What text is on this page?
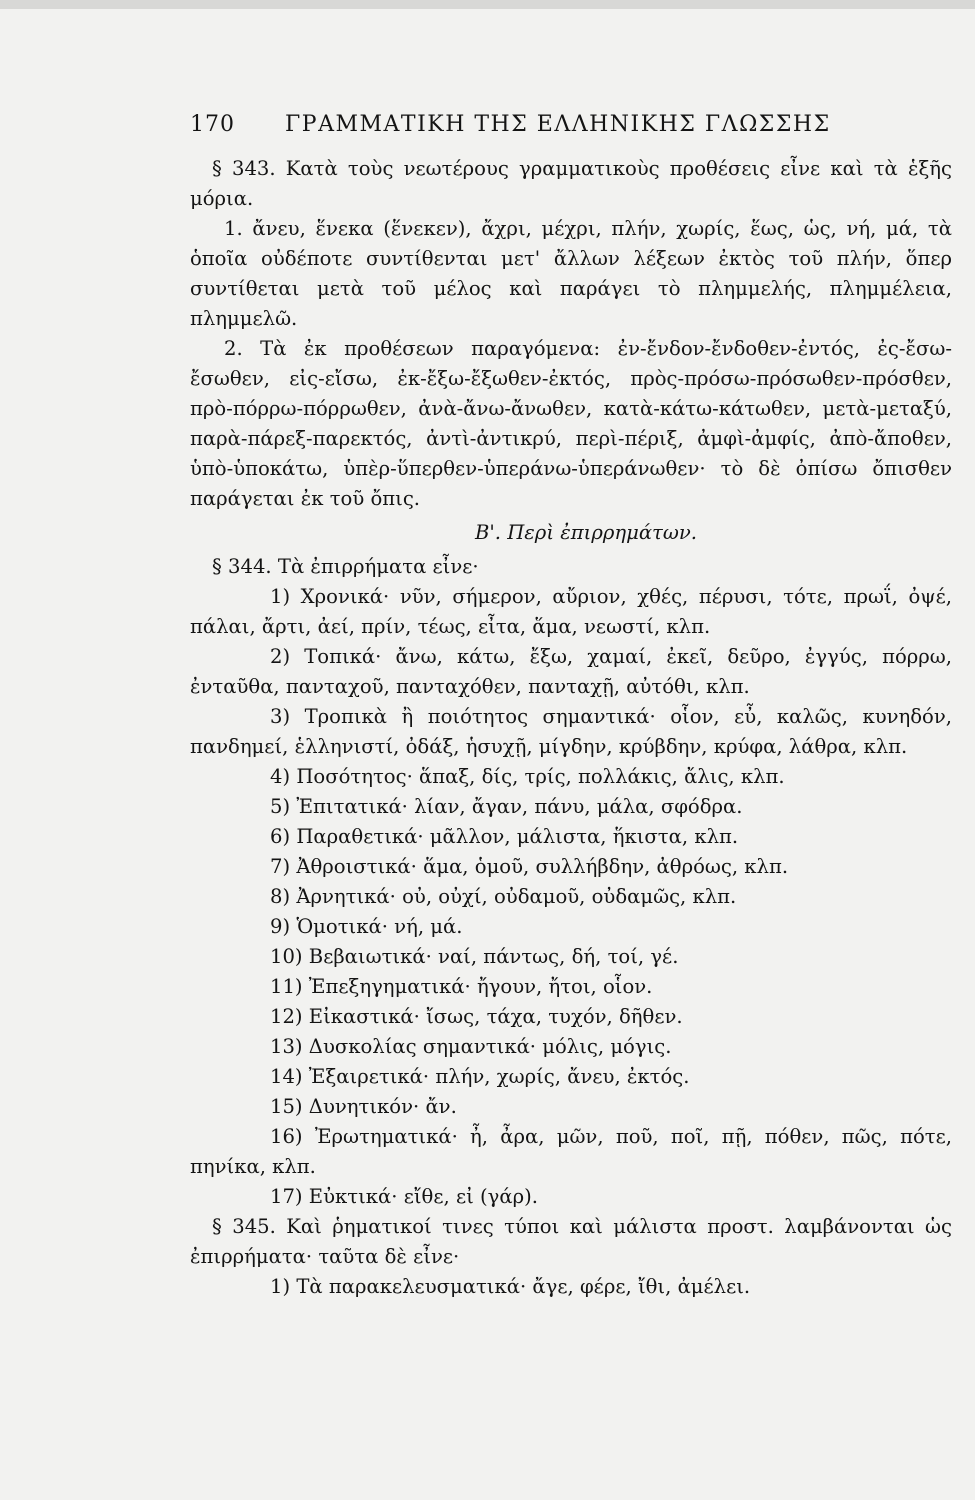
170	ΓΡΑΜΜΑΤΙΚΗ ΤΗΣ ΕΛΛΗΝΙΚΗΣ ΓΛΩΣΣΗΣ

§ 343. Κατὰ τοὺς νεωτέρους γραμματικοὺς προθέσεις εἶνε καὶ τὰ ἑξῆς μόρια.

1. ἄνευ, ἕνεκα (ἕνεκεν), ἄχρι, μέχρι, πλήν, χωρίς, ἕως, ὡς, νή, μά, τὰ ὁποῖα οὐδέποτε συντίθενται μετ' ἄλλων λέξεων ἐκτὸς τοῦ πλήν, ὅπερ συντίθεται μετὰ τοῦ μέλος καὶ παράγει τὸ πλημμελής, πλημμέλεια, πλημμελῶ.

2. Τὰ ἐκ προθέσεων παραγόμενα: ἐν-ἔνδον-ἔνδοθεν-ἐντός, ἐς-ἔσω-ἔσωθεν, εἰς-εἴσω, ἐκ-ἔξω-ἔξωθεν-ἐκτός, πρὸς-πρόσω-πρόσωθεν-πρόσθεν, πρὸ-πόρρω-πόρρωθεν, ἀνὰ-ἄνω-ἄνωθεν, κατὰ-κάτω-κάτωθεν, μετὰ-μεταξύ, παρὰ-πάρεξ-παρεκτός, ἀντὶ-ἀντικρύ, περὶ-πέριξ, ἀμφὶ-ἀμφίς, ἀπὸ-ἄποθεν, ὑπὸ-ὑποκάτω, ὑπὲρ-ὕπερθεν-ὑπεράνω-ὑπεράνωθεν· τὸ δὲ ὀπίσω ὄπισθεν παράγεται ἐκ τοῦ ὄπις.

Β'. Περὶ ἐπιρρημάτων.

§ 344. Τὰ ἐπιρρήματα εἶνε·

1) Χρονικά· νῦν, σήμερον, αὔριον, χθές, πέρυσι, τότε, πρωΐ, ὀψέ, πάλαι, ἄρτι, ἀεί, πρίν, τέως, εἶτα, ἅμα, νεωστί, κλπ.

2) Τοπικά· ἄνω, κάτω, ἔξω, χαμαί, ἐκεῖ, δεῦρο, ἐγγύς, πόρρω, ἐνταῦθα, πανταχοῦ, πανταχόθεν, πανταχῇ, αὐτόθι, κλπ.

3) Τροπικὰ ἢ ποιότητος σημαντικά· οἷον, εὖ, καλῶς, κυνηδόν, πανδημεί, ἑλληνιστί, ὀδάξ, ἡσυχῇ, μίγδην, κρύβδην, κρύφα, λάθρα, κλπ.

4) Ποσότητος· ἅπαξ, δίς, τρίς, πολλάκις, ἄλις, κλπ.

5) Ἐπιτατικά· λίαν, ἄγαν, πάνυ, μάλα, σφόδρα.

6) Παραθετικά· μᾶλλον, μάλιστα, ἥκιστα, κλπ.

7) Ἀθροιστικά· ἅμα, ὁμοῦ, συλλήβδην, ἀθρόως, κλπ.

8) Ἀρνητικά· οὐ, οὐχί, οὐδαμοῦ, οὐδαμῶς, κλπ.

9) Ὁμοτικά· νή, μά.

10) Βεβαιωτικά· ναί, πάντως, δή, τοί, γέ.

11) Ἐπεξηγηματικά· ἤγουν, ἤτοι, οἷον.

12) Εἰκαστικά· ἴσως, τάχα, τυχόν, δῆθεν.

13) Δυσκολίας σημαντικά· μόλις, μόγις.

14) Ἐξαιρετικά· πλήν, χωρίς, ἄνευ, ἐκτός.

15) Δυνητικόν· ἄν.

16) Ἐρωτηματικά· ἦ, ἆρα, μῶν, ποῦ, ποῖ, πῇ, πόθεν, πῶς, πότε, πηνίκα, κλπ.

17) Εὐκτικά· εἴθε, εἰ (γάρ).

§ 345. Καὶ ῥηματικοί τινες τύποι καὶ μάλιστα προστ. λαμβάνονται ὡς ἐπιρρήματα· ταῦτα δὲ εἶνε·

1) Τὰ παρακελευσματικά· ἄγε, φέρε, ἴθι, ἀμέλει.
